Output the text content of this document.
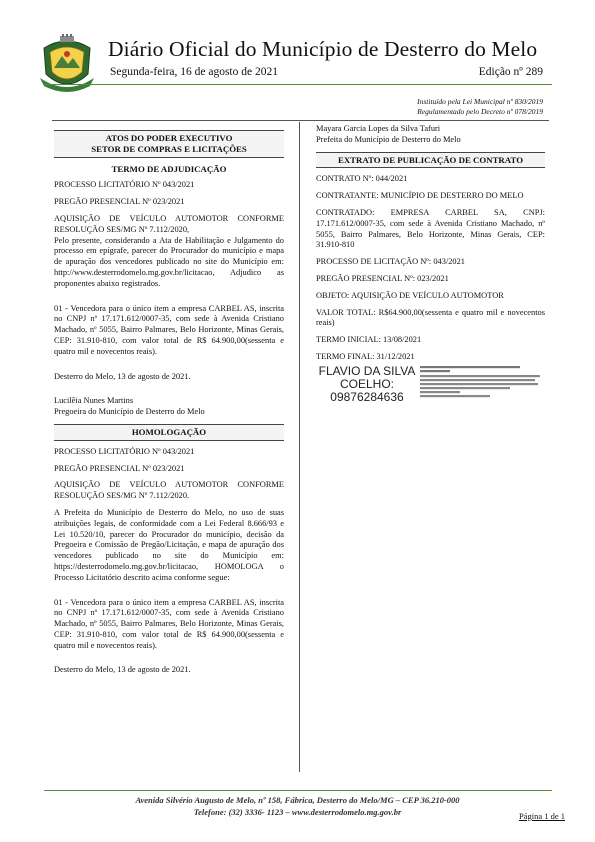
Diário Oficial do Município de Desterro do Melo
Segunda-feira, 16 de agosto de 2021	Edição nº 289
Instituído pela Lei Municipal nº 830/2019
Regulamentado pelo Decreto nº 078/2019
ATOS DO PODER EXECUTIVO
SETOR DE COMPRAS E LICITAÇÕES

TERMO DE ADJUDICAÇÃO

PROCESSO LICITATÓRIO Nº 043/2021

PREGÃO PRESENCIAL Nº 023/2021

AQUISIÇÃO DE VEÍCULO AUTOMOTOR CONFORME RESOLUÇÃO SES/MG Nº 7.112/2020,

Pelo presente, considerando a Ata de Habilitação e Julgamento do processo em epígrafe, parecer do Procurador do município e mapa de apuração dos vencedores publicado no site do Município em: http://www.desterrodomelo.mg.gov.br/licitacao, Adjudico as proponentes abaixo registrados.

01 - Vencedora para o único item a empresa CARBEL AS, inscrita no CNPJ nº 17.171.612/0007-35, com sede à Avenida Cristiano Machado, nº 5055, Bairro Palmares, Belo Horizonte, Minas Gerais, CEP: 31.910-810, com valor total de R$ 64.900,00(sessenta e quatro mil e novecentos reais).

Desterro do Melo, 13 de agosto de 2021.

Lucilêia Nunes Martins
Pregoeira do Município de Desterro do Melo
HOMOLOGAÇÃO

PROCESSO LICITATÓRIO Nº 043/2021

PREGÃO PRESENCIAL Nº 023/2021

AQUISIÇÃO DE VEÍCULO AUTOMOTOR CONFORME RESOLUÇÃO SES/MG Nº 7.112/2020.

A Prefeita do Município de Desterro do Melo, no uso de suas atribuições legais, de conformidade com a Lei Federal 8.666/93 e Lei 10.520/10, parecer do Procurador do município, decisão da Pregoeira e Comissão de Pregão/Licitação, e mapa de apuração dos vencedores publicado no site do Município em: https://desterrodomelo.mg.gov.br/licitacao, HOMOLOGA o Processo Licitatório descrito acima conforme segue:

01 - Vencedora para o único item a empresa CARBEL AS, inscrita no CNPJ nº 17.171.612/0007-35, com sede à Avenida Cristiano Machado, nº 5055, Bairro Palmares, Belo Horizonte, Minas Gerais, CEP: 31.910-810, com valor total de R$ 64.900,00(sessenta e quatro mil e novecentos reais).

Desterro do Melo, 13 de agosto de 2021.

Mayara Garcia Lopes da Silva Tafuri
Prefeita do Município de Desterro do Melo
EXTRATO DE PUBLICAÇÃO DE CONTRATO

CONTRATO Nº: 044/2021

CONTRATANTE: MUNICÍPIO DE DESTERRO DO MELO

CONTRATADO: EMPRESA CARBEL SA, CNPJ: 17.171.612/0007-35, com sede à Avenida Cristiano Machado, nº 5055, Bairro Palmares, Belo Horizonte, Minas Gerais, CEP: 31.910-810

PROCESSO DE LICITAÇÃO Nº: 043/2021

PREGÃO PRESENCIAL Nº: 023/2021

OBJETO: AQUISIÇÃO DE VEÍCULO AUTOMOTOR

VALOR TOTAL: R$64.900,00(sessenta e quatro mil e novecentos reais)

TERMO INICIAL: 13/08/2021

TERMO FINAL: 31/12/2021

FLAVIO DA SILVA COELHO:
09876284636
Avenida Silvério Augusto de Melo, nº 158, Fábrica, Desterro do Melo/MG – CEP 36.210-000
Telefone: (32) 3336- 1123 – www.desterrodomelo.mg.gov.br	Página 1 de 1
